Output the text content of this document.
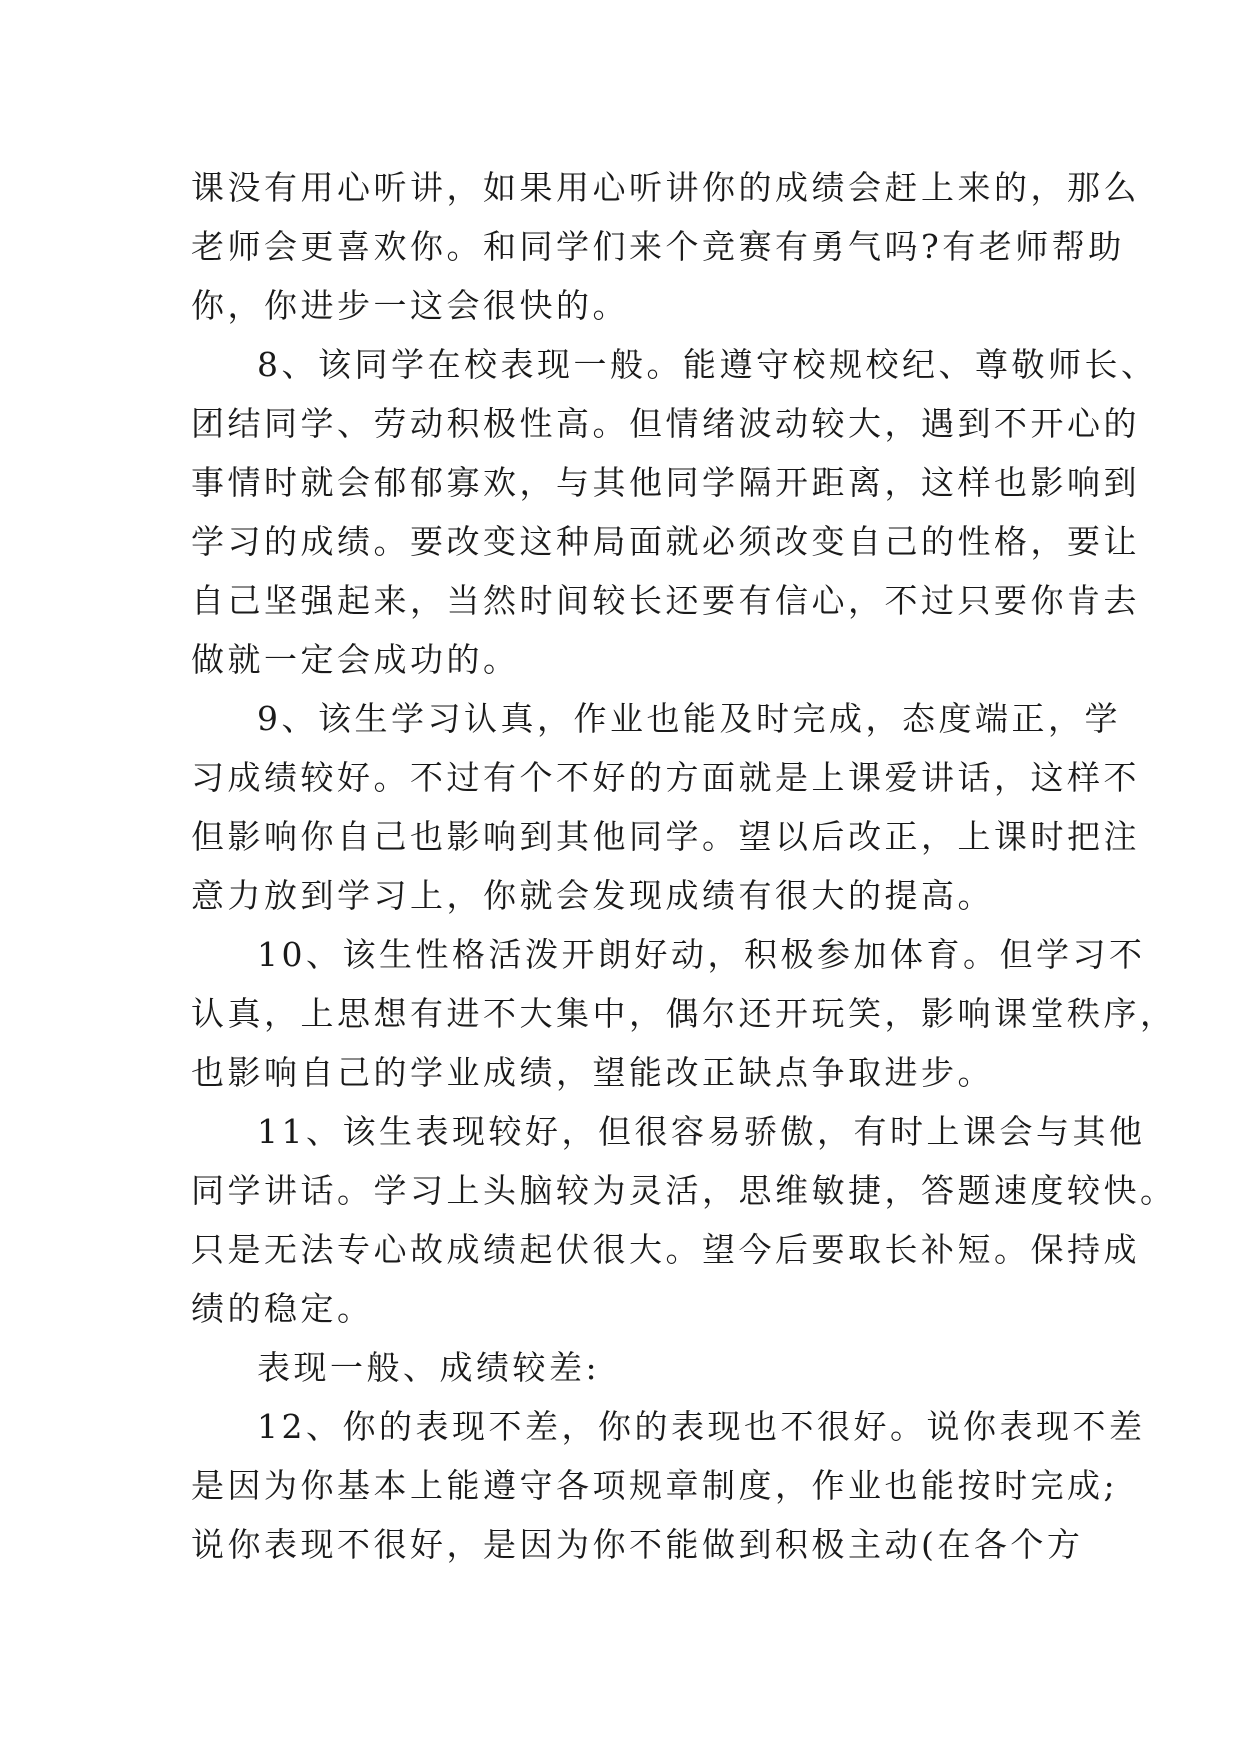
课没有用心听讲，如果用心听讲你的成绩会赶上来的，那么
老师会更喜欢你。和同学们来个竞赛有勇气吗?有老师帮助
你，你进步一这会很快的。
8、该同学在校表现一般。能遵守校规校纪、尊敬师长、
团结同学、劳动积极性高。但情绪波动较大，遇到不开心的
事情时就会郁郁寡欢，与其他同学隔开距离，这样也影响到
学习的成绩。要改变这种局面就必须改变自己的性格，要让
自己坚强起来，当然时间较长还要有信心，不过只要你肯去
做就一定会成功的。
9、该生学习认真，作业也能及时完成，态度端正，学
习成绩较好。不过有个不好的方面就是上课爱讲话，这样不
但影响你自己也影响到其他同学。望以后改正，上课时把注
意力放到学习上，你就会发现成绩有很大的提高。
10、该生性格活泼开朗好动，积极参加体育。但学习不
认真，上思想有进不大集中，偶尔还开玩笑，影响课堂秩序，
也影响自己的学业成绩，望能改正缺点争取进步。
11、该生表现较好，但很容易骄傲，有时上课会与其他
同学讲话。学习上头脑较为灵活，思维敏捷，答题速度较快。
只是无法专心故成绩起伏很大。望今后要取长补短。保持成
绩的稳定。
表现一般、成绩较差:
12、你的表现不差，你的表现也不很好。说你表现不差
是因为你基本上能遵守各项规章制度，作业也能按时完成;
说你表现不很好，是因为你不能做到积极主动(在各个方
